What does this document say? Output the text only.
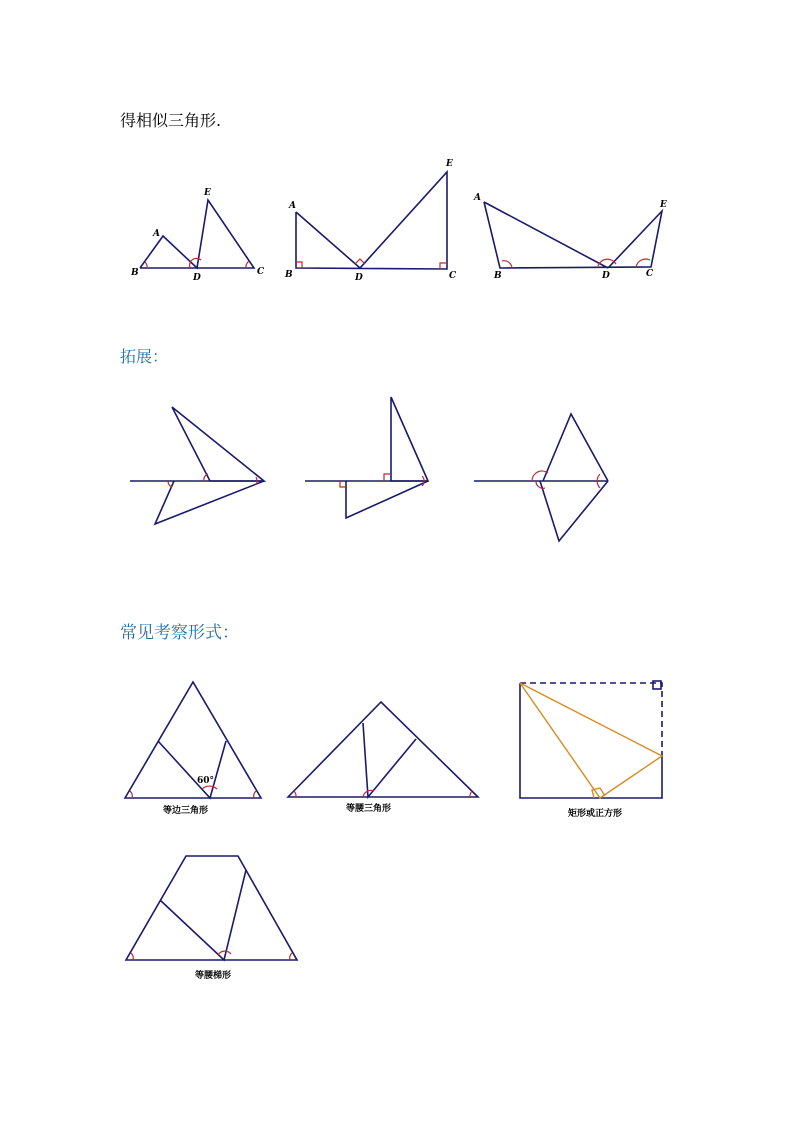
得相似三角形.
拓展：
常见考察形式：
A
B	C
D
E
A
B	C
D
E
A
B	C
D
E
60°
等边三角形	等腰三角形	矩形或正方形
等腰梯形
